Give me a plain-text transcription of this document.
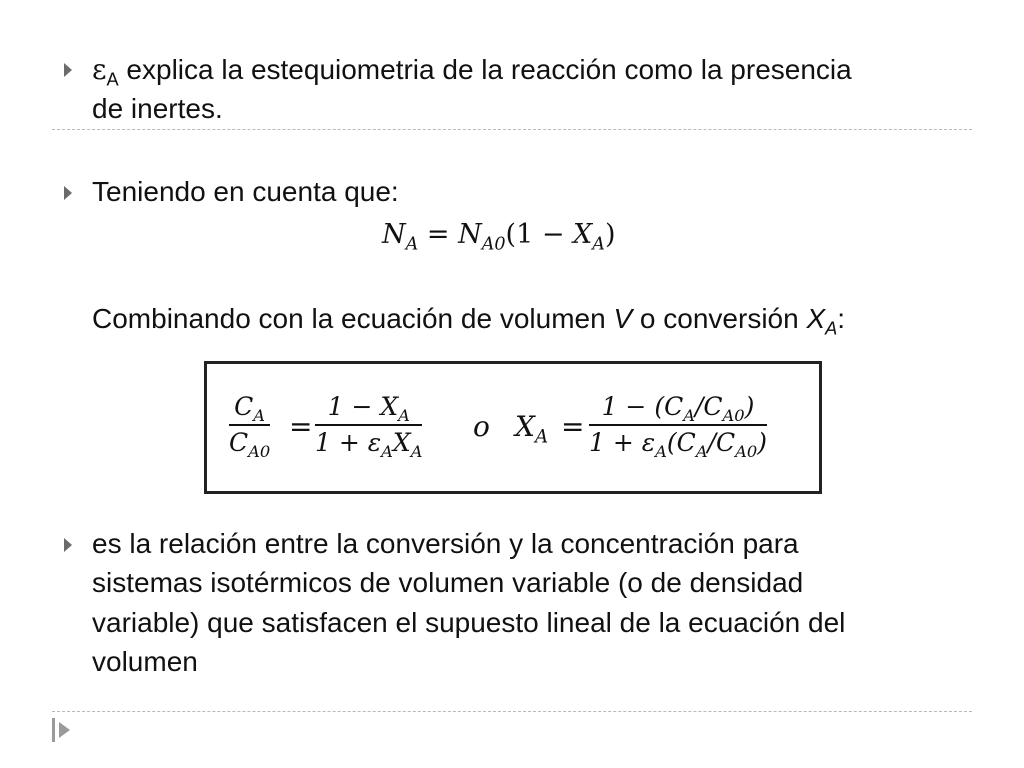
$\varepsilon_A$ explica la estequiometria de la reacción como la presencia
de inertes.
Teniendo en cuenta que:
$N_A = N_{A0}(1 - X_A)$
Combinando con la ecuación de volumen V o conversión $X_A$:
$\frac{C_A}{C_{A0}}$ =
$1 - X_A$
$1 + \varepsilon_AX_A$
o $X_A = \frac{1 - (C_A/C_{A0})}{1 + \varepsilon_A(C_A/C_{A0})}$
es la relación entre la conversión y la concentración para
sistemas isotérmicos de volumen variable (o de densidad
variable) que satisfacen el supuesto lineal de la ecuación del
volumen
